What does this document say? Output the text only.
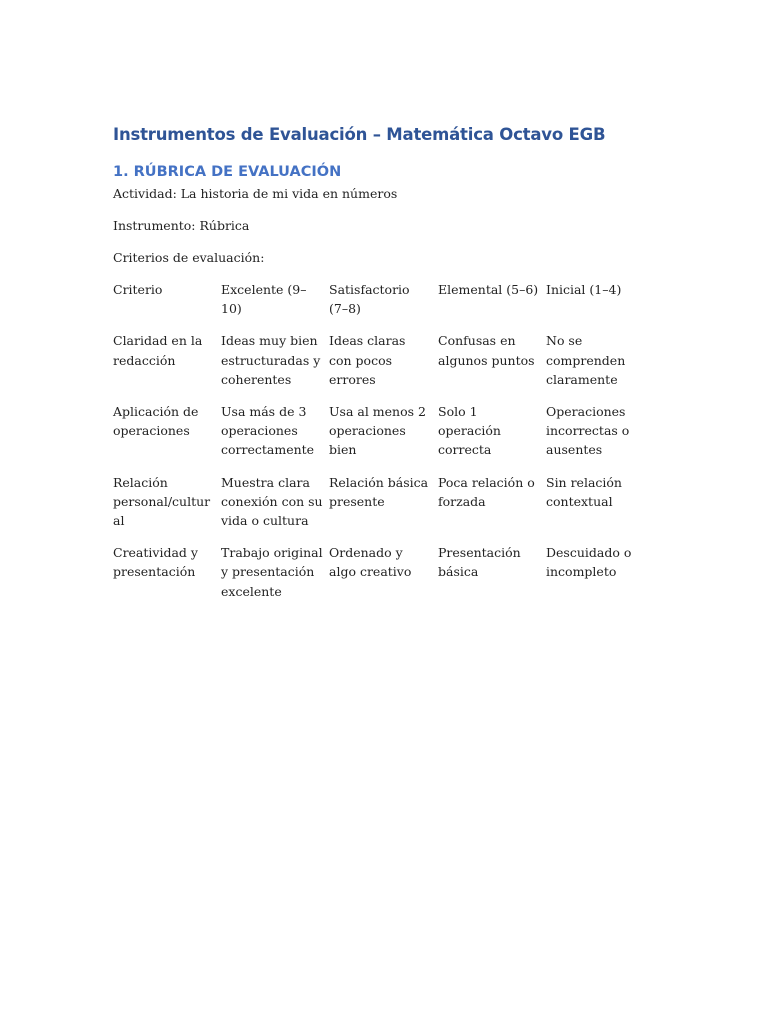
Instrumentos de Evaluación – Matemática Octavo EGB
1. RÚBRICA DE EVALUACIÓN

Actividad: La historia de mi vida en números

Instrumento: Rúbrica

Criterios de evaluación:

Criterio	Excelente (9–10)	Satisfactorio (7–8)	Elemental (5–6)	Inicial (1–4)
Claridad en la redacción	Ideas muy bien estructuradas y coherentes	Ideas claras con pocos errores	Confusas en algunos puntos	No se comprenden claramente
Aplicación de operaciones	Usa más de 3 operaciones correctamente	Usa al menos 2 operaciones bien	Solo 1 operación correcta	Operaciones incorrectas o ausentes
Relación personal/cultural	Muestra clara conexión con su vida o cultura	Relación básica presente	Poca relación o forzada	Sin relación contextual
Creatividad y presentación	Trabajo original y presentación excelente	Ordenado y algo creativo	Presentación básica	Descuidado o incompleto
